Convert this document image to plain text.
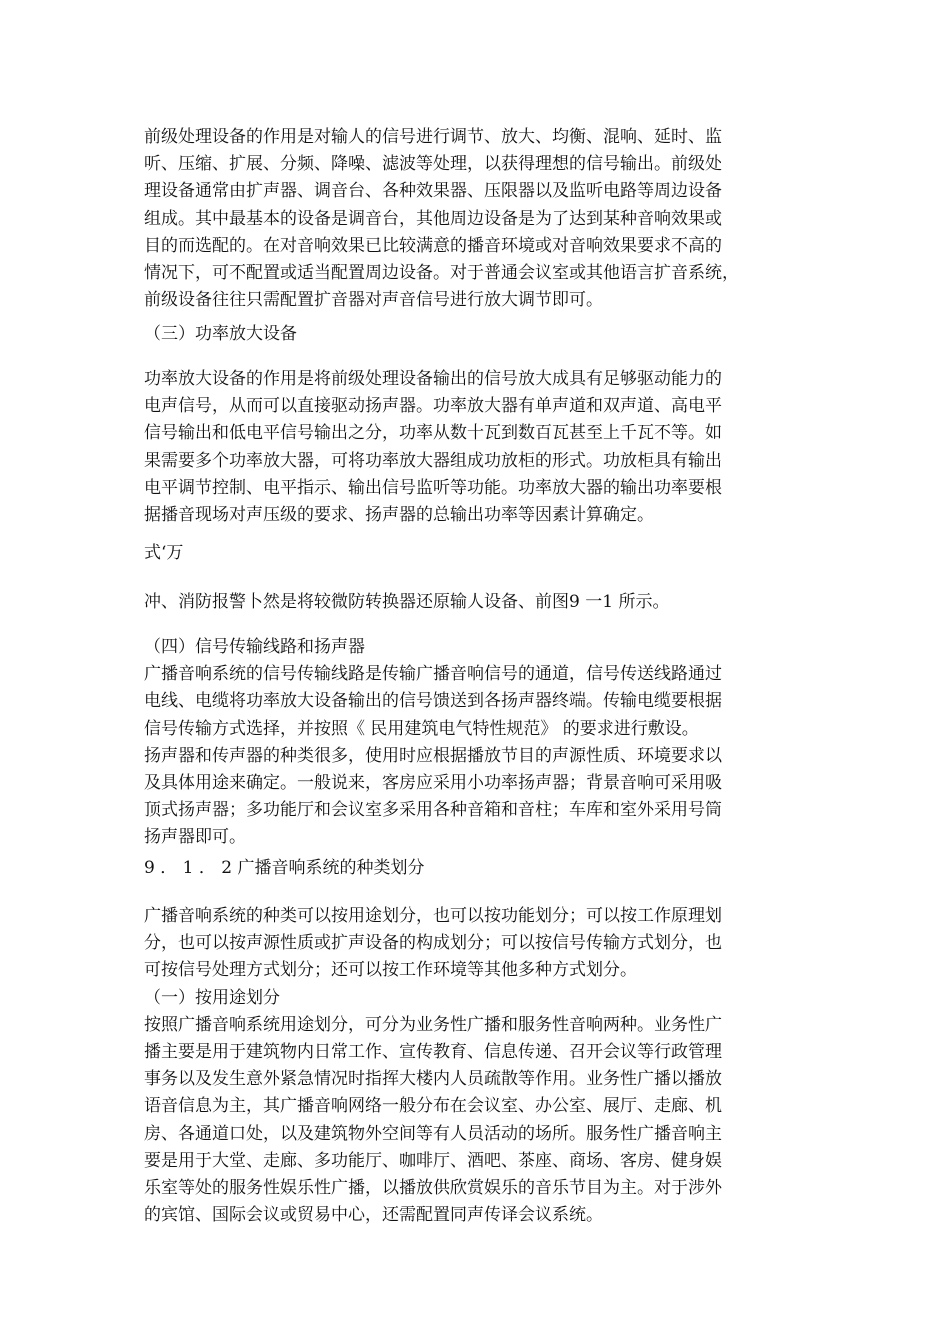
前级处理设备的作用是对输人的信号进行调节、放大、均衡、混响、延时、监
听、压缩、扩展、分频、降噪、滤波等处理，以获得理想的信号输出。前级处
理设备通常由扩声器、调音台、各种效果器、压限器以及监听电路等周边设备
组成。其中最基本的设备是调音台，其他周边设备是为了达到某种音响效果或
目的而选配的。在对音响效果已比较满意的播音环境或对音响效果要求不高的
情况下，可不配置或适当配置周边设备。对于普通会议室或其他语言扩音系统，
前级设备往往只需配置扩音器对声音信号进行放大调节即可。
（三）功率放大设备
功率放大设备的作用是将前级处理设备输出的信号放大成具有足够驱动能力的
电声信号，从而可以直接驱动扬声器。功率放大器有单声道和双声道、高电平
信号输出和低电平信号输出之分，功率从数十瓦到数百瓦甚至上千瓦不等。如
果需要多个功率放大器，可将功率放大器组成功放柜的形式。功放柜具有输出
电平调节控制、电平指示、输出信号监听等功能。功率放大器的输出功率要根
据播音现场对声压级的要求、扬声器的总输出功率等因素计算确定。
式‘万
冲、消防报警卜然是将较微防转换器还原输人设备、前图9 一1 所示。
（四）信号传输线路和扬声器
广播音响系统的信号传输线路是传输广播音响信号的通道，信号传送线路通过
电线、电缆将功率放大设备输出的信号馈送到各扬声器终端。传输电缆要根据
信号传输方式选择，并按照《 民用建筑电气特性规范》 的要求进行敷设。
扬声器和传声器的种类很多，使用时应根据播放节目的声源性质、环境要求以
及具体用途来确定。一般说来，客房应采用小功率扬声器；背景音响可采用吸
顶式扬声器；多功能厅和会议室多采用各种音箱和音柱；车库和室外采用号筒
扬声器即可。
9 ． 1 ． 2 广播音响系统的种类划分
广播音响系统的种类可以按用途划分，也可以按功能划分；可以按工作原理划
分，也可以按声源性质或扩声设备的构成划分；可以按信号传输方式划分，也
可按信号处理方式划分；还可以按工作环境等其他多种方式划分。
（一）按用途划分
按照广播音响系统用途划分，可分为业务性广播和服务性音响两种。业务性广
播主要是用于建筑物内日常工作、宣传教育、信息传递、召开会议等行政管理
事务以及发生意外紧急情况时指挥大楼内人员疏散等作用。业务性广播以播放
语音信息为主，其广播音响网络一般分布在会议室、办公室、展厅、走廊、机
房、各通道口处，以及建筑物外空间等有人员活动的场所。服务性广播音响主
要是用于大堂、走廊、多功能厅、咖啡厅、酒吧、茶座、商场、客房、健身娱
乐室等处的服务性娱乐性广播，以播放供欣赏娱乐的音乐节目为主。对于涉外
的宾馆、国际会议或贸易中心，还需配置同声传译会议系统。
